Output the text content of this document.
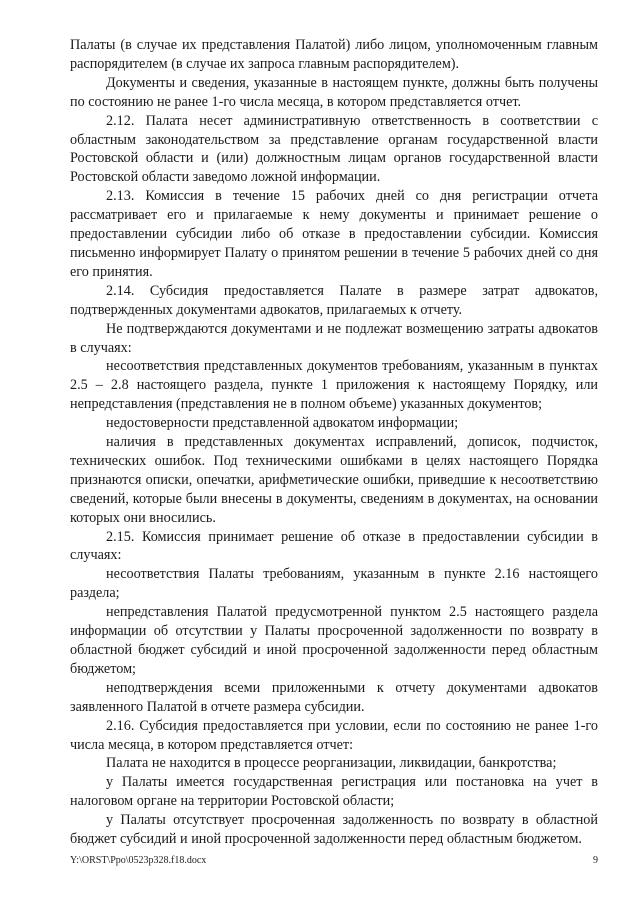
Палаты (в случае их представления Палатой) либо лицом, уполномоченным главным распорядителем (в случае их запроса главным распорядителем).

Документы и сведения, указанные в настоящем пункте, должны быть получены по состоянию не ранее 1-го числа месяца, в котором представляется отчет.

2.12. Палата несет административную ответственность в соответствии с областным законодательством за представление органам государственной власти Ростовской области и (или) должностным лицам органов государственной власти Ростовской области заведомо ложной информации.

2.13. Комиссия в течение 15 рабочих дней со дня регистрации отчета рассматривает его и прилагаемые к нему документы и принимает решение о предоставлении субсидии либо об отказе в предоставлении субсидии. Комиссия письменно информирует Палату о принятом решении в течение 5 рабочих дней со дня его принятия.

2.14. Субсидия предоставляется Палате в размере затрат адвокатов, подтвержденных документами адвокатов, прилагаемых к отчету.

Не подтверждаются документами и не подлежат возмещению затраты адвокатов в случаях:

несоответствия представленных документов требованиям, указанным в пунктах 2.5 – 2.8 настоящего раздела, пункте 1 приложения к настоящему Порядку, или непредставления (представления не в полном объеме) указанных документов;

недостоверности представленной адвокатом информации;

наличия в представленных документах исправлений, дописок, подчисток, технических ошибок. Под техническими ошибками в целях настоящего Порядка признаются описки, опечатки, арифметические ошибки, приведшие к несоответствию сведений, которые были внесены в документы, сведениям в документах, на основании которых они вносились.

2.15. Комиссия принимает решение об отказе в предоставлении субсидии в случаях:

несоответствия Палаты требованиям, указанным в пункте 2.16 настоящего раздела;

непредставления Палатой предусмотренной пунктом 2.5 настоящего раздела информации об отсутствии у Палаты просроченной задолженности по возврату в областной бюджет субсидий и иной просроченной задолженности перед областным бюджетом;

неподтверждения всеми приложенными к отчету документами адвокатов заявленного Палатой в отчете размера субсидии.

2.16. Субсидия предоставляется при условии, если по состоянию не ранее 1-го числа месяца, в котором представляется отчет:

Палата не находится в процессе реорганизации, ликвидации, банкротства;

у Палаты имеется государственная регистрация или постановка на учет в налоговом органе на территории Ростовской области;

у Палаты отсутствует просроченная задолженность по возврату в областной бюджет субсидий и иной просроченной задолженности перед областным бюджетом.

Y:\ORST\Ppo\0523p328.f18.docx	9
